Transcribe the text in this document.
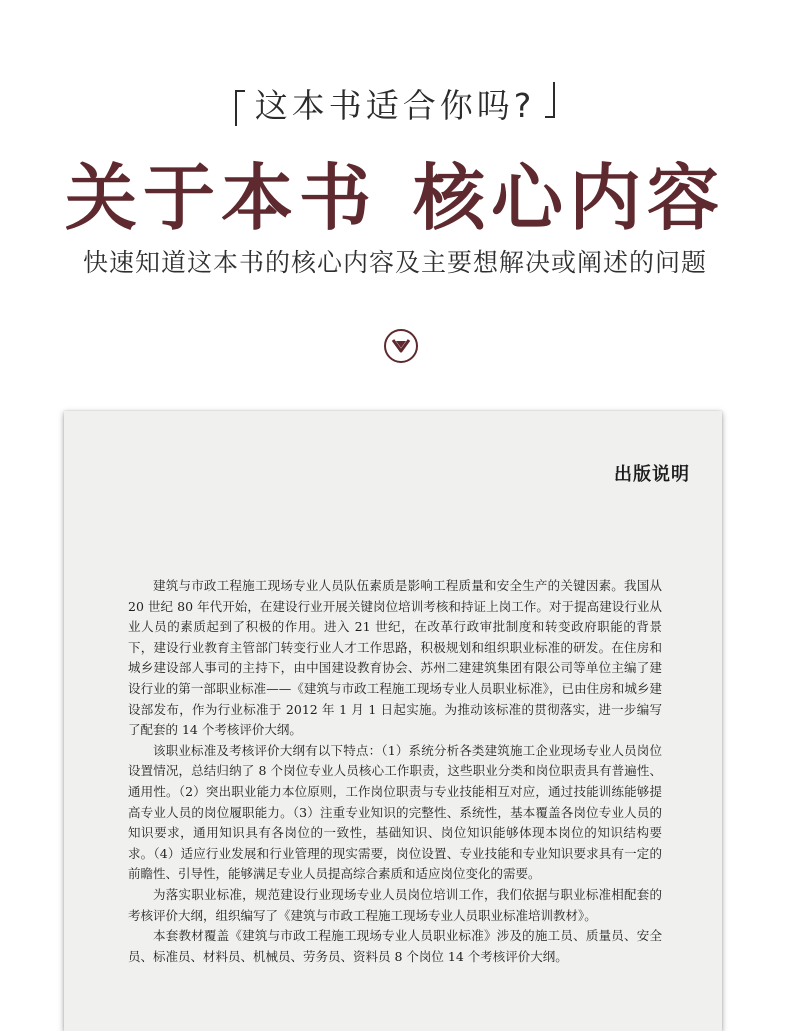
这本书适合你吗?
关于本书 核心内容
快速知道这本书的核心内容及主要想解决或阐述的问题
出版说明

建筑与市政工程施工现场专业人员队伍素质是影响工程质量和安全生产的关键因素。我国从 20 世纪 80 年代开始，在建设行业开展关键岗位培训考核和持证上岗工作。对于提高建设行业从业人员的素质起到了积极的作用。进入 21 世纪，在改革行政审批制度和转变政府职能的背景下，建设行业教育主管部门转变行业人才工作思路，积极规划和组织职业标准的研发。在住房和城乡建设部人事司的主持下，由中国建设教育协会、苏州二建建筑集团有限公司等单位主编了建设行业的第一部职业标准——《建筑与市政工程施工现场专业人员职业标准》，已由住房和城乡建设部发布，作为行业标准于 2012 年 1 月 1 日起实施。为推动该标准的贯彻落实，进一步编写了配套的 14 个考核评价大纲。

该职业标准及考核评价大纲有以下特点：（1）系统分析各类建筑施工企业现场专业人员岗位设置情况，总结归纳了 8 个岗位专业人员核心工作职责，这些职业分类和岗位职责具有普遍性、通用性。（2）突出职业能力本位原则，工作岗位职责与专业技能相互对应，通过技能训练能够提高专业人员的岗位履职能力。（3）注重专业知识的完整性、系统性，基本覆盖各岗位专业人员的知识要求，通用知识具有各岗位的一致性，基础知识、岗位知识能够体现本岗位的知识结构要求。（4）适应行业发展和行业管理的现实需要，岗位设置、专业技能和专业知识要求具有一定的前瞻性、引导性，能够满足专业人员提高综合素质和适应岗位变化的需要。

为落实职业标准，规范建设行业现场专业人员岗位培训工作，我们依据与职业标准相配套的考核评价大纲，组织编写了《建筑与市政工程施工现场专业人员职业标准培训教材》。

本套教材覆盖《建筑与市政工程施工现场专业人员职业标准》涉及的施工员、质量员、安全员、标准员、材料员、机械员、劳务员、资料员 8 个岗位 14 个考核评价大纲。
